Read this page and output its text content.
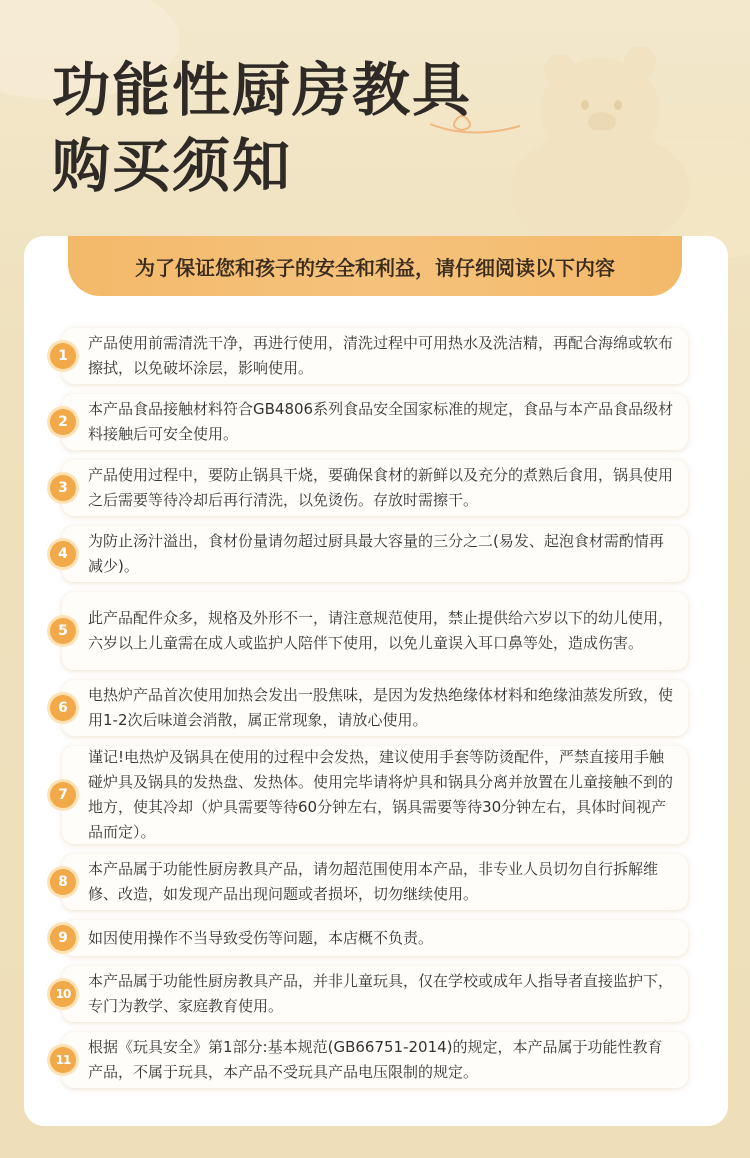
功能性厨房教具
购买须知
为了保证您和孩子的安全和利益，请仔细阅读以下内容
1
产品使用前需清洗干净，再进行使用，清洗过程中可用热水及洗洁精，再配合海绵或软布擦拭，以免破坏涂层，影响使用。
2
本产品食品接触材料符合GB4806系列食品安全国家标准的规定，食品与本产品食品级材料接触后可安全使用。
3
产品使用过程中，要防止锅具干烧，要确保食材的新鲜以及充分的煮熟后食用，锅具使用之后需要等待冷却后再行清洗，以免烫伤。存放时需擦干。
4
为防止汤汁溢出，食材份量请勿超过厨具最大容量的三分之二(易发、起泡食材需酌情再减少)。
5
此产品配件众多，规格及外形不一，请注意规范使用，禁止提供给六岁以下的幼儿使用，六岁以上儿童需在成人或监护人陪伴下使用，以免儿童误入耳口鼻等处，造成伤害。
6
电热炉产品首次使用加热会发出一股焦味，是因为发热绝缘体材料和绝缘油蒸发所致，使用1-2次后味道会消散，属正常现象，请放心使用。
7
谨记!电热炉及锅具在使用的过程中会发热，建议使用手套等防烫配件，严禁直接用手触碰炉具及锅具的发热盘、发热体。使用完毕请将炉具和锅具分离并放置在儿童接触不到的地方，使其冷却（炉具需要等待60分钟左右，锅具需要等待30分钟左右，具体时间视产品而定）。
8
本产品属于功能性厨房教具产品，请勿超范围使用本产品，非专业人员切勿自行拆解维修、改造，如发现产品出现问题或者损坏，切勿继续使用。
9	如因使用操作不当导致受伤等问题，本店概不负责。
10
本产品属于功能性厨房教具产品，并非儿童玩具，仅在学校或成年人指导者直接监护下，专门为教学、家庭教育使用。
11
根据《玩具安全》第1部分:基本规范(GB66751-2014)的规定，本产品属于功能性教育产品，不属于玩具，本产品不受玩具产品电压限制的规定。
